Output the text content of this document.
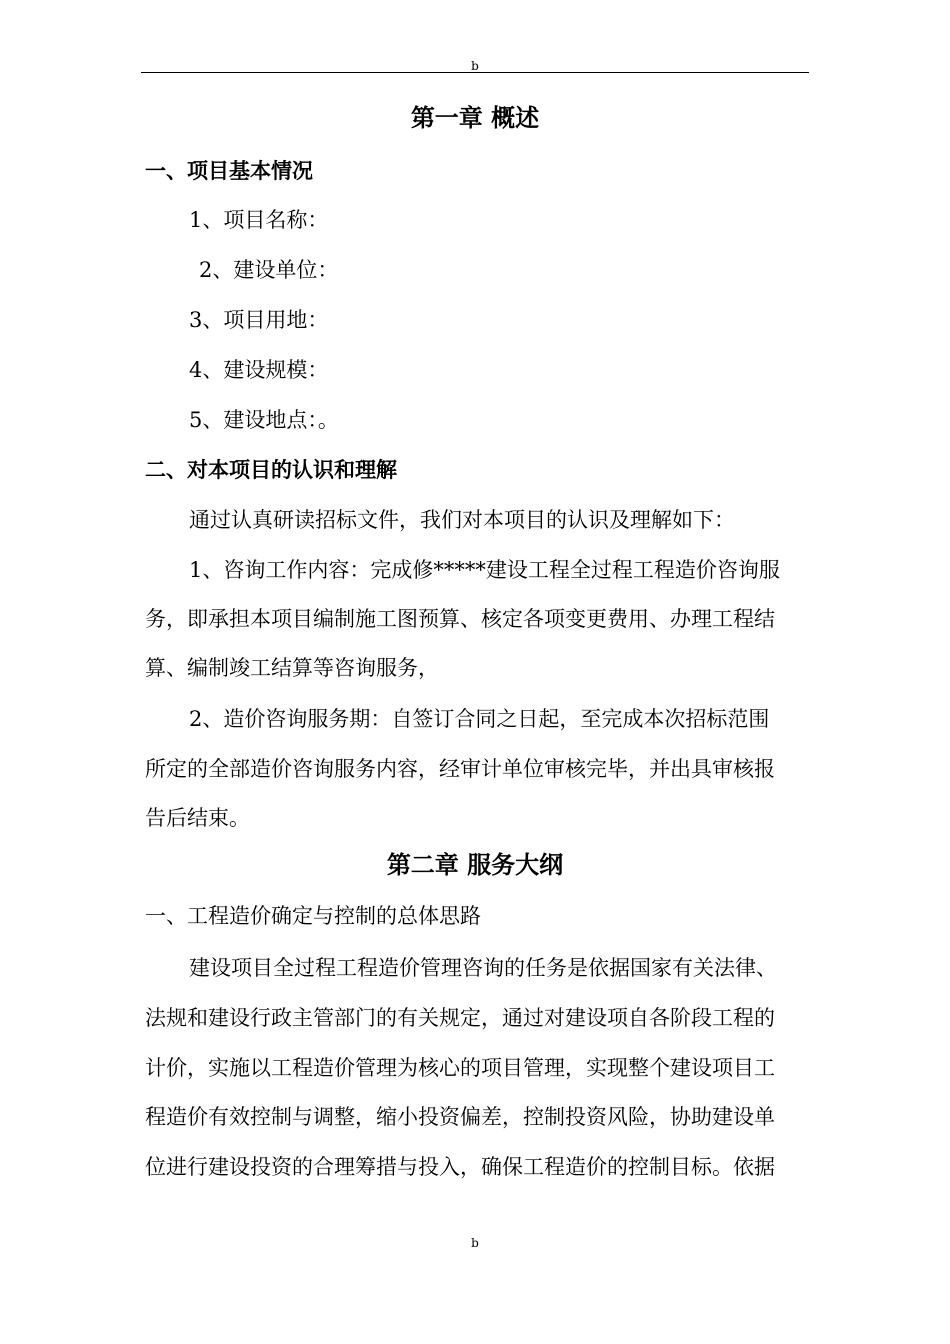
b
第一章 概述
一、项目基本情况
1、项目名称：
2、建设单位：
3、项目用地：
4、建设规模：
5、建设地点：。
二、对本项目的认识和理解
通过认真研读招标文件，我们对本项目的认识及理解如下：
1、咨询工作内容：完成修*****建设工程全过程工程造价咨询服
务，即承担本项目编制施工图预算、核定各项变更费用、办理工程结
算、编制竣工结算等咨询服务，
2、造价咨询服务期：自签订合同之日起，至完成本次招标范围
所定的全部造价咨询服务内容，经审计单位审核完毕，并出具审核报
告后结束。
第二章 服务大纲
一、工程造价确定与控制的总体思路
建设项目全过程工程造价管理咨询的任务是依据国家有关法律、
法规和建设行政主管部门的有关规定，通过对建设项自各阶段工程的
计价，实施以工程造价管理为核心的项目管理，实现整个建设项目工
程造价有效控制与调整，缩小投资偏差，控制投资风险，协助建设单
位进行建设投资的合理筹措与投入，确保工程造价的控制目标。依据
b
